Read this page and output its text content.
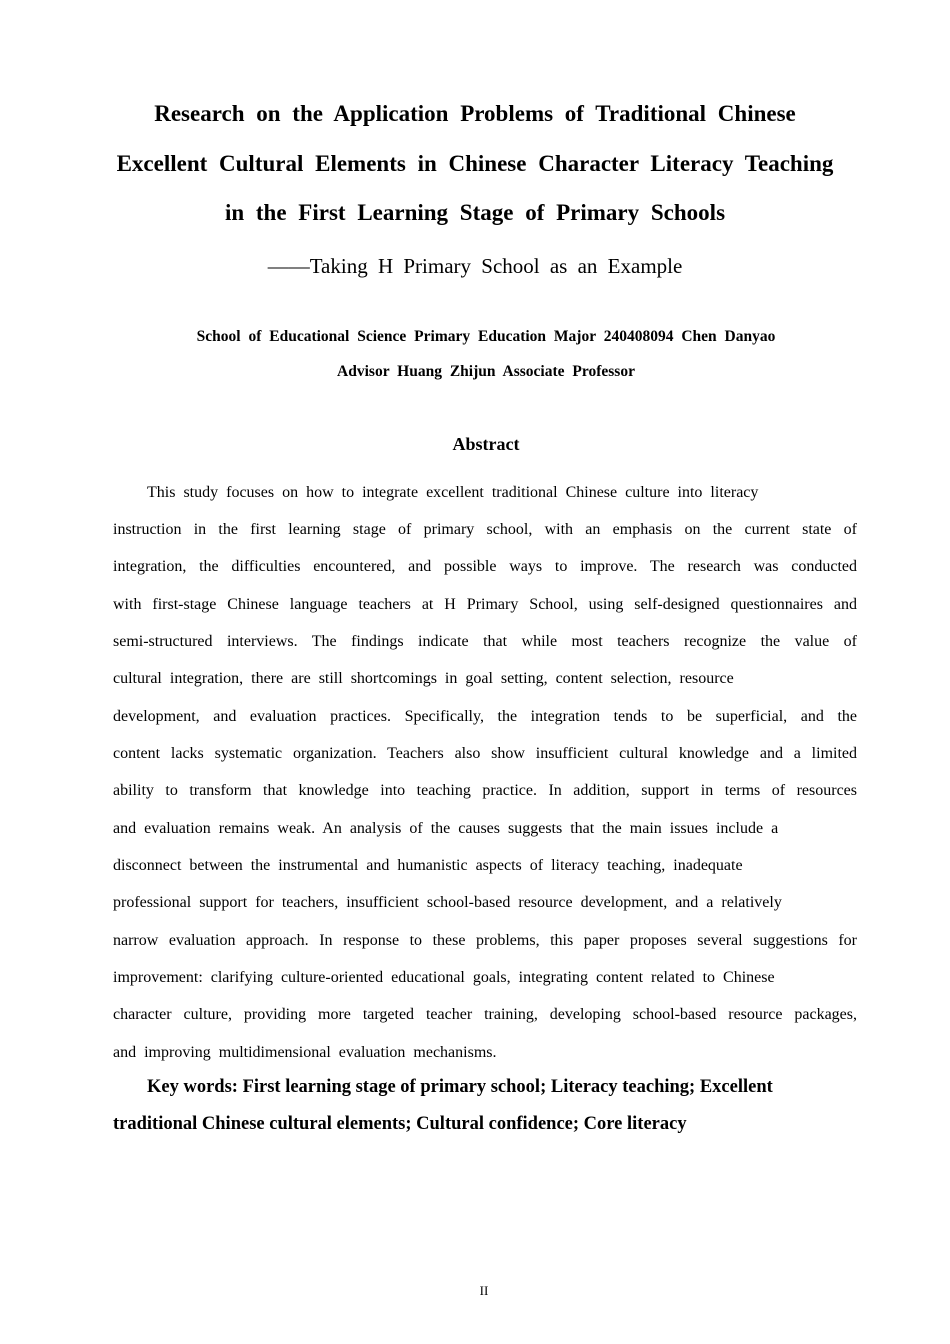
Research on the Application Problems of Traditional Chinese
Excellent Cultural Elements in Chinese Character Literacy Teaching
in the First Learning Stage of Primary Schools
——Taking H Primary School as an Example
School of Educational Science Primary Education Major 240408094 Chen Danyao
Advisor Huang Zhijun Associate Professor
Abstract
This study focuses on how to integrate excellent traditional Chinese culture into literacy
instruction in the first learning stage of primary school, with an emphasis on the current state of
integration, the difficulties encountered, and possible ways to improve. The research was conducted
with first-stage Chinese language teachers at H Primary School, using self-designed questionnaires and
semi-structured interviews. The findings indicate that while most teachers recognize the value of
cultural integration, there are still shortcomings in goal setting, content selection, resource
development, and evaluation practices. Specifically, the integration tends to be superficial, and the
content lacks systematic organization. Teachers also show insufficient cultural knowledge and a limited
ability to transform that knowledge into teaching practice. In addition, support in terms of resources
and evaluation remains weak. An analysis of the causes suggests that the main issues include a
disconnect between the instrumental and humanistic aspects of literacy teaching, inadequate
professional support for teachers, insufficient school-based resource development, and a relatively
narrow evaluation approach. In response to these problems, this paper proposes several suggestions for
improvement: clarifying culture-oriented educational goals, integrating content related to Chinese
character culture, providing more targeted teacher training, developing school-based resource packages,
and improving multidimensional evaluation mechanisms.
Key words: First learning stage of primary school; Literacy teaching; Excellent
traditional Chinese cultural elements; Cultural confidence; Core literacy
II
